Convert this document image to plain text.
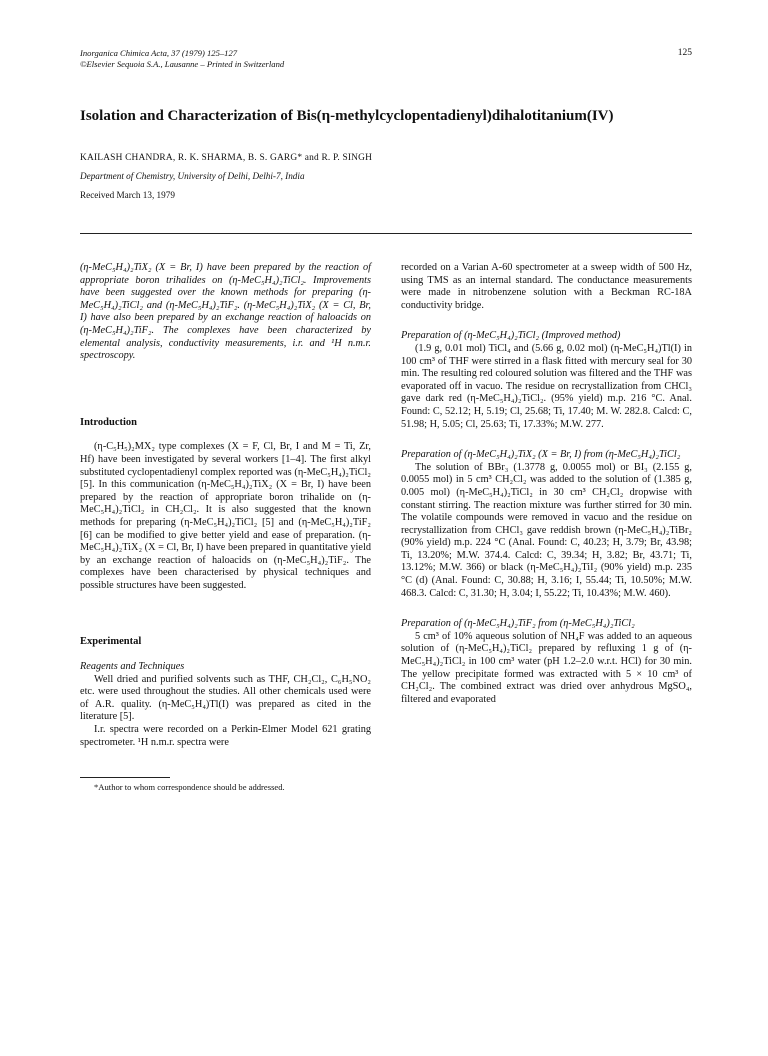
Inorganica Chimica Acta, 37 (1979) 125–127
©Elsevier Sequoia S.A., Lausanne – Printed in Switzerland
125
Isolation and Characterization of Bis(η-methylcyclopentadienyl)dihalotitanium(IV)
KAILASH CHANDRA, R. K. SHARMA, B. S. GARG* and R. P. SINGH
Department of Chemistry, University of Delhi, Delhi-7, India
Received March 13, 1979

(η-MeC₅H₄)₂TiX₂ (X = Br, I) have been prepared by the reaction of appropriate boron trihalides on (η-MeC₅H₄)₂TiCl₂. Improvements have been suggested over the known methods for preparing (η-MeC₅H₄)₂TiCl₂ and (η-MeC₅H₄)₂TiF₂. (η-MeC₅H₄)₂TiX₂ (X = Cl, Br, I) have also been prepared by an exchange reaction of haloacids on (η-MeC₅H₄)₂TiF₂. The complexes have been characterized by elemental analysis, conductivity measurements, i.r. and ¹H n.m.r. spectroscopy.

Introduction

(η-C₅H₅)₂MX₂ type complexes (X = F, Cl, Br, I and M = Ti, Zr, Hf) have been investigated by several workers [1–4]. The first alkyl substituted cyclopentadienyl complex reported was (η-MeC₅H₄)₂TiCl₂ [5]. In this communication (η-MeC₅H₄)₂TiX₂ (X = Br, I) have been prepared by the reaction of appropriate boron trihalide on (η-MeC₅H₄)₂TiCl₂ in CH₂Cl₂. It is also suggested that the known methods for preparing (η-MeC₅H₄)₂TiCl₂ [5] and (η-MeC₅H₄)₂TiF₂ [6] can be modified to give better yield and ease of preparation. (η-MeC₅H₄)₂TiX₂ (X = Cl, Br, I) have been prepared in quantitative yield by an exchange reaction of haloacids on (η-MeC₅H₄)₂TiF₂. The complexes have been characterised by physical techniques and possible structures have been suggested.

Experimental
Reagents and Techniques

Well dried and purified solvents such as THF, CH₂Cl₂, C₆H₅NO₂ etc. were used throughout the studies. All other chemicals used were of A.R. quality. (η-MeC₅H₄)Tl(I) was prepared as cited in the literature [5].

I.r. spectra were recorded on a Perkin-Elmer Model 621 grating spectrometer. ¹H n.m.r. spectra were

*Author to whom correspondence should be addressed.

recorded on a Varian A-60 spectrometer at a sweep width of 500 Hz, using TMS as an internal standard. The conductance measurements were made in nitrobenzene solution with a Beckman RC-18A conductivity bridge.

Preparation of (η-MeC₅H₄)₂TiCl₂ (Improved method)

(1.9 g, 0.01 mol) TiCl₄ and (5.66 g, 0.02 mol) (η-MeC₅H₄)Tl(I) in 100 cm³ of THF were stirred in a flask fitted with mercury seal for 30 min. The resulting red coloured solution was filtered and the THF was evaporated off in vacuo. The residue on recrystallization from CHCl₃ gave dark red (η-MeC₅H₄)₂TiCl₂. (95% yield) m.p. 216 °C. Anal. Found: C, 52.12; H, 5.19; Cl, 25.68; Ti, 17.40; M. W. 282.8. Calcd: C, 51.98; H, 5.05; Cl, 25.63; Ti, 17.33%; M.W. 277.

Preparation of (η-MeC₅H₄)₂TiX₂ (X = Br, I) from (η-MeC₅H₄)₂TiCl₂

The solution of BBr₃ (1.3778 g, 0.0055 mol) or BI₃ (2.155 g, 0.0055 mol) in 5 cm³ CH₂Cl₂ was added to the solution of (1.385 g, 0.005 mol) (η-MeC₅H₄)₂TiCl₂ in 30 cm³ CH₂Cl₂ dropwise with constant stirring. The reaction mixture was further stirred for 30 min. The volatile compounds were removed in vacuo and the residue on recrystallization from CHCl₃ gave reddish brown (η-MeC₅H₄)₂TiBr₂ (90% yield) m.p. 224 °C (Anal. Found: C, 40.23; H, 3.79; Br, 43.98; Ti, 13.20%; M.W. 374.4. Calcd: C, 39.34; H, 3.82; Br, 43.71; Ti, 13.12%; M.W. 366) or black (η-MeC₅H₄)₂TiI₂ (90% yield) m.p. 235 °C (d) (Anal. Found: C, 30.88; H, 3.16; I, 55.44; Ti, 10.50%; M.W. 468.3. Calcd: C, 31.30; H, 3.04; I, 55.22; Ti, 10.43%; M.W. 460).

Preparation of (η-MeC₅H₄)₂TiF₂ from (η-MeC₅H₄)₂TiCl₂

5 cm³ of 10% aqueous solution of NH₄F was added to an aqueous solution of (η-MeC₅H₄)₂TiCl₂ prepared by refluxing 1 g of (η-MeC₅H₄)₂TiCl₂ in 100 cm³ water (pH 1.2–2.0 w.r.t. HCl) for 30 min. The yellow precipitate formed was extracted with 5 × 10 cm³ of CH₂Cl₂. The combined extract was dried over anhydrous MgSO₄, filtered and evaporated
